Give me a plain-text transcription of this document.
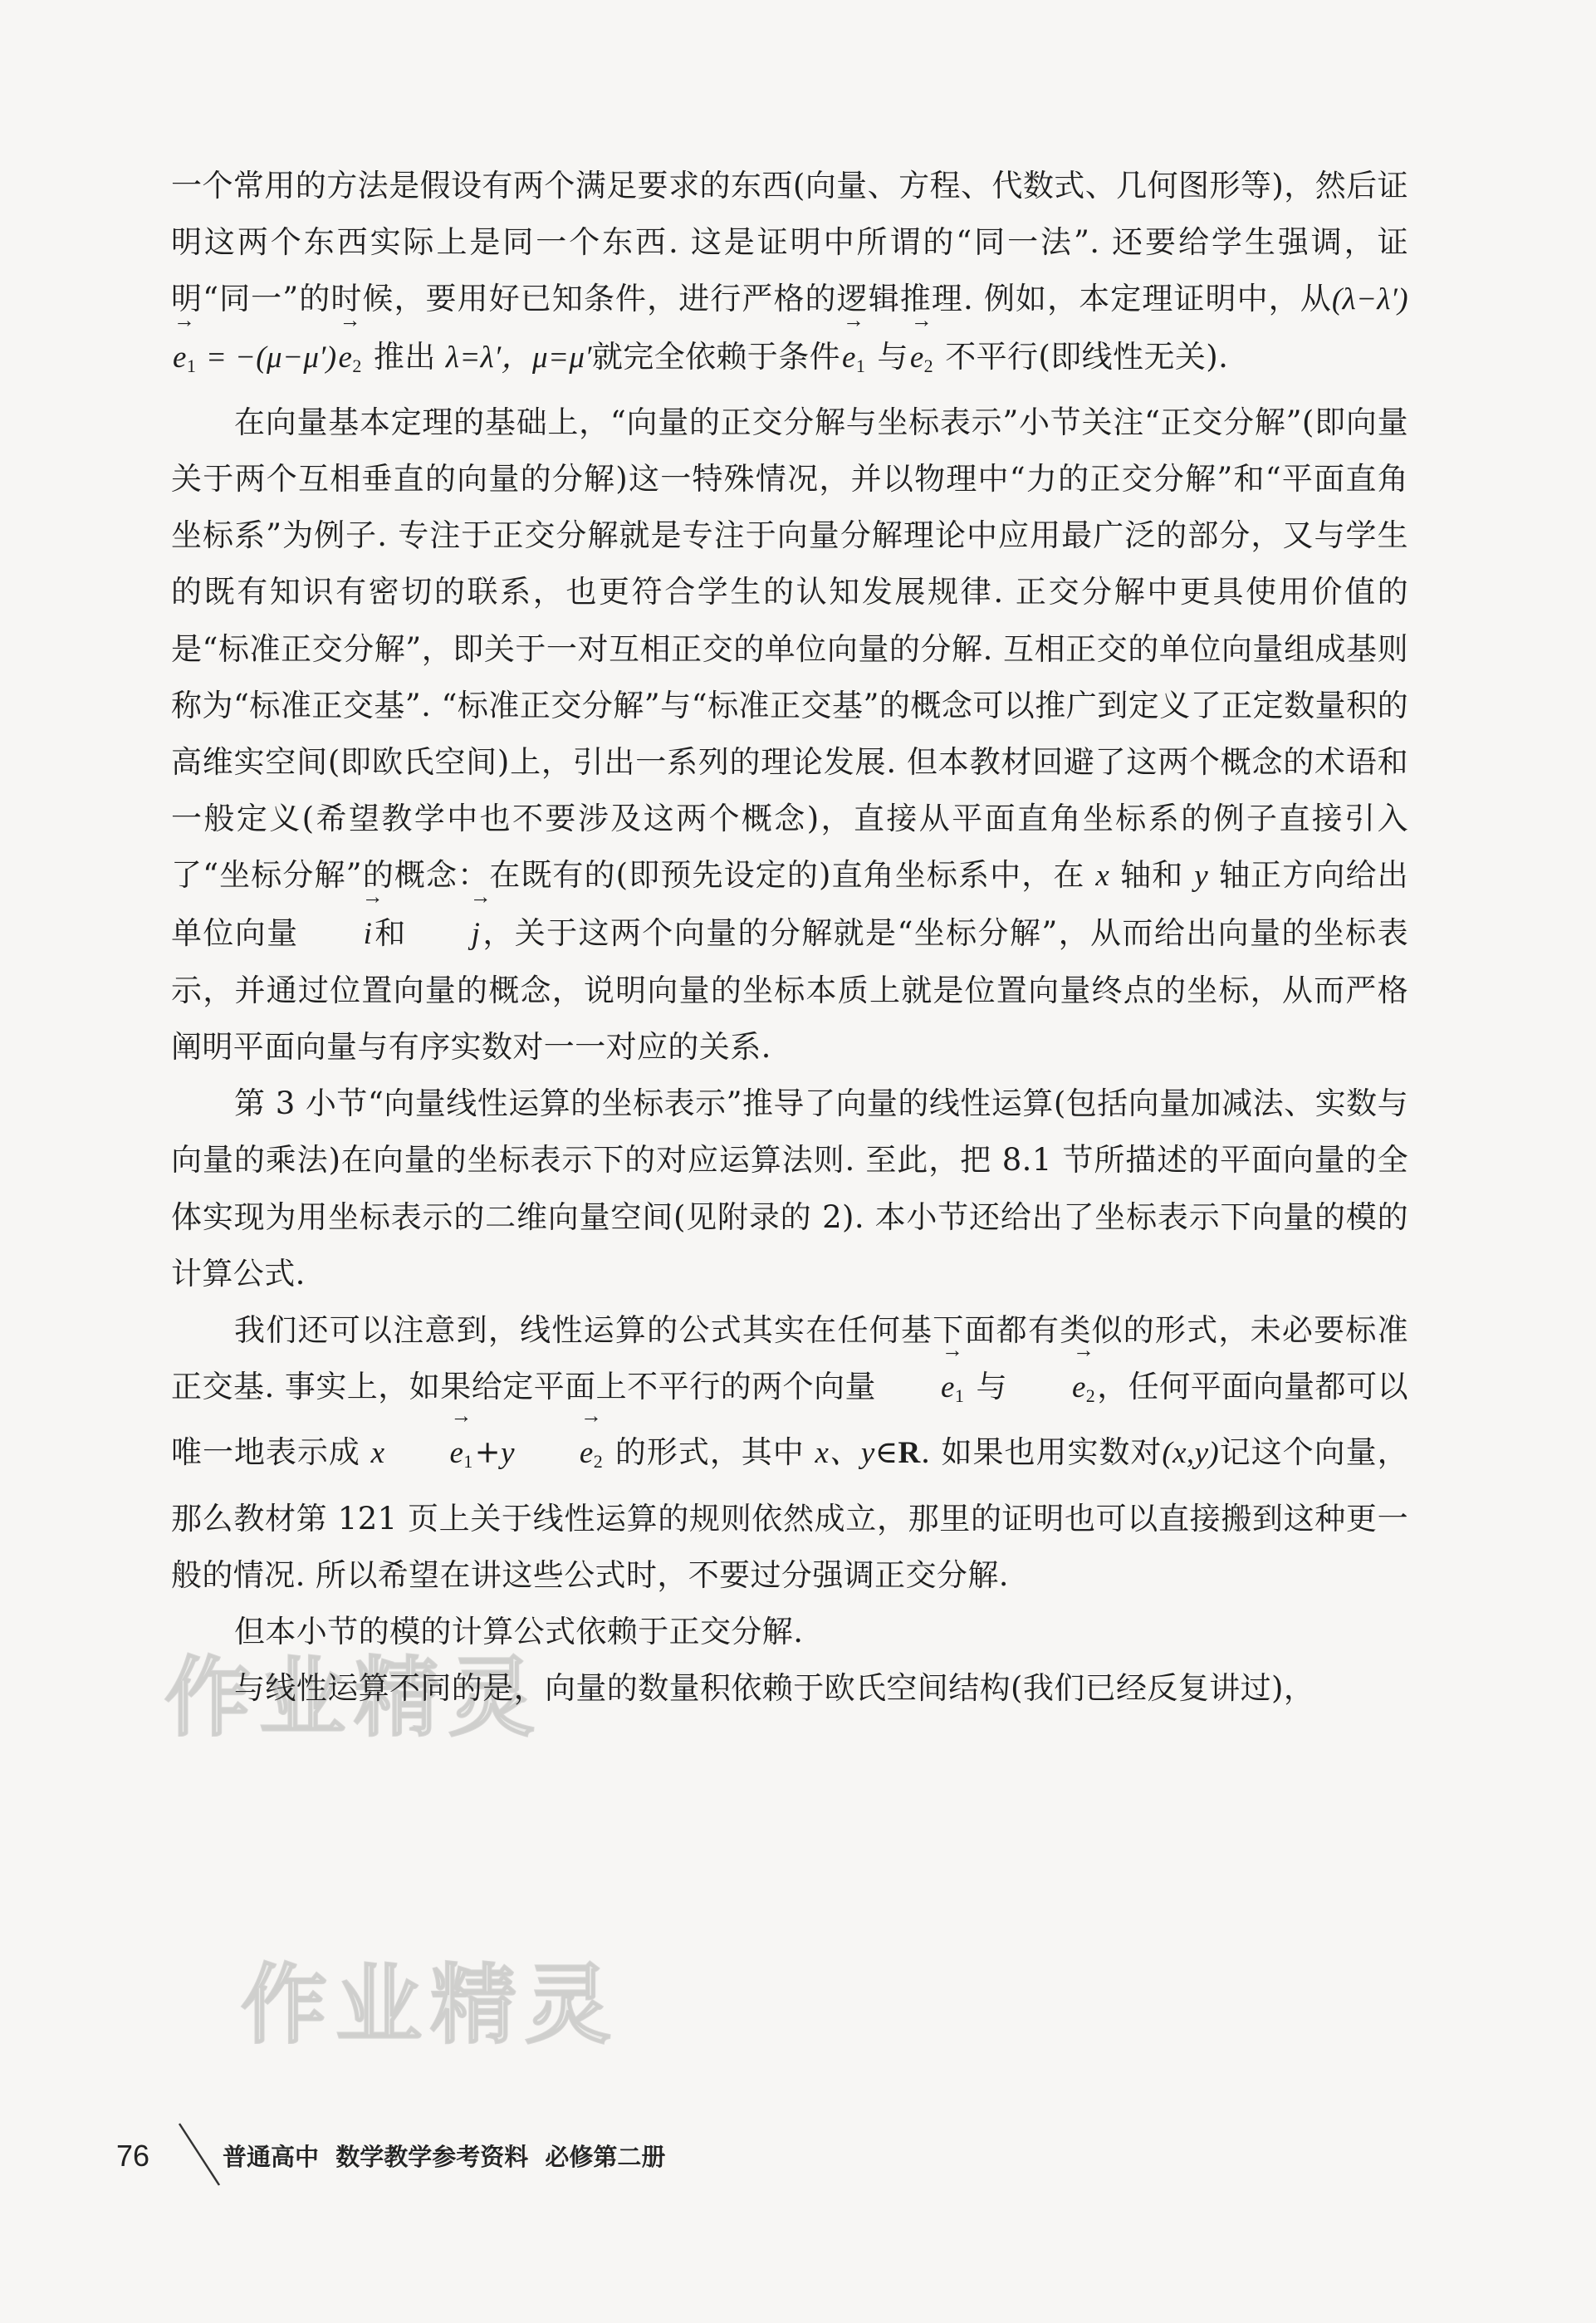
作业精灵
作业精灵

一个常用的方法是假设有两个满足要求的东西(向量、方程、代数式、几何图形等)，然后证明这两个东西实际上是同一个东西. 这是证明中所谓的“同一法”. 还要给学生强调，证明“同一”的时候，要用好已知条件，进行严格的逻辑推理. 例如，本定理证明中，从$(\lambda-\lambda')e_1$ → = $-(\mu-\mu')e_2$ → 推出 λ=λ′，μ=μ′就完全依赖于条件$e_1$ → 与$e_2$ → 不平行(即线性无关).

在向量基本定理的基础上，“向量的正交分解与坐标表示”小节关注“正交分解”(即向量关于两个互相垂直的向量的分解)这一特殊情况，并以物理中“力的正交分解”和“平面直角坐标系”为例子. 专注于正交分解就是专注于向量分解理论中应用最广泛的部分，又与学生的既有知识有密切的联系，也更符合学生的认知发展规律. 正交分解中更具使用价值的是“标准正交分解”，即关于一对互相正交的单位向量的分解. 互相正交的单位向量组成基则称为“标准正交基”. “标准正交分解”与“标准正交基”的概念可以推广到定义了正定数量积的高维实空间(即欧氏空间)上，引出一系列的理论发展. 但本教材回避了这两个概念的术语和一般定义(希望教学中也不要涉及这两个概念)，直接从平面直角坐标系的例子直接引入了“坐标分解”的概念：在既有的(即预先设定的)直角坐标系中，在 x 轴和 y 轴正方向给出单位向量 i →和 j →，关于这两个向量的分解就是“坐标分解”，从而给出向量的坐标表示，并通过位置向量的概念，说明向量的坐标本质上就是位置向量终点的坐标，从而严格阐明平面向量与有序实数对一一对应的关系.

第 3 小节“向量线性运算的坐标表示”推导了向量的线性运算(包括向量加减法、实数与向量的乘法)在向量的坐标表示下的对应运算法则. 至此，把 8.1 节所描述的平面向量的全体实现为用坐标表示的二维向量空间(见附录的 2). 本小节还给出了坐标表示下向量的模的计算公式.

我们还可以注意到，线性运算的公式其实在任何基下面都有类似的形式，未必要标准正交基. 事实上，如果给定平面上不平行的两个向量 $e_1$ → 与 $e_2$ →，任何平面向量都可以唯一地表示成 x $e_1 \to+y$ $e_2$ → 的形式，其中 x、y∈R. 如果也用实数对(x,y)记这个向量，那么教材第 121 页上关于线性运算的规则依然成立，那里的证明也可以直接搬到这种更一般的情况. 所以希望在讲这些公式时，不要过分强调正交分解.

但本小节的模的计算公式依赖于正交分解.

与线性运算不同的是，向量的数量积依赖于欧氏空间结构(我们已经反复讲过)，

76	普通高中  数学教学参考资料  必修第二册
